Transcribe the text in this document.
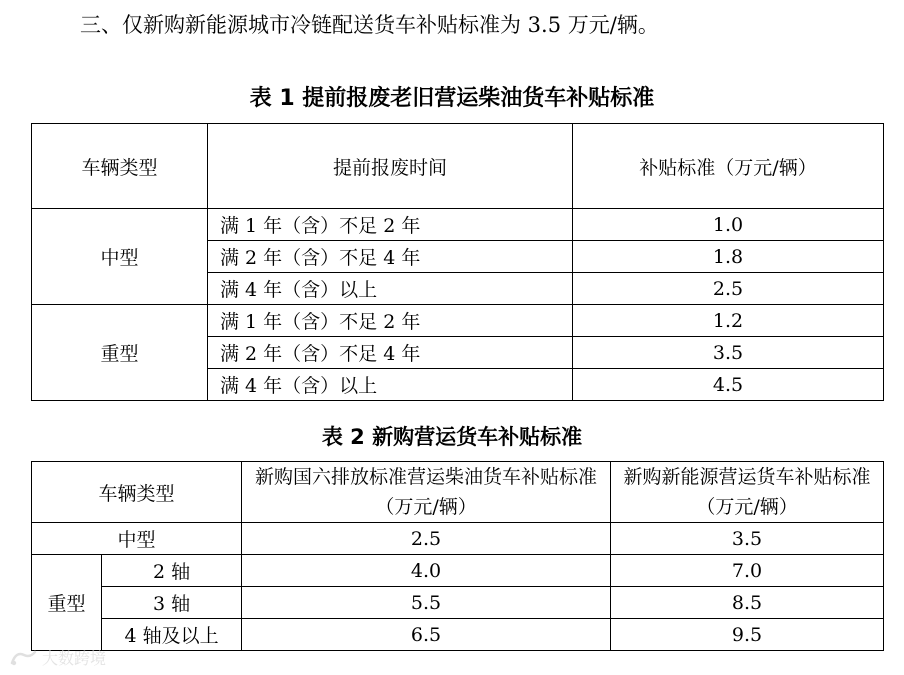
三、仅新购新能源城市冷链配送货车补贴标准为 3.5 万元/辆。
表 1 提前报废老旧营运柴油货车补贴标准
车辆类型	提前报废时间	补贴标准（万元/辆）
中型	满 1 年（含）不足 2 年	1.0
	满 2 年（含）不足 4 年	1.8
	满 4 年（含）以上	2.5
重型	满 1 年（含）不足 2 年	1.2
	满 2 年（含）不足 4 年	3.5
	满 4 年（含）以上	4.5
表 2 新购营运货车补贴标准
车辆类型		新购国六排放标准营运柴油货车补贴标准（万元/辆）	新购新能源营运货车补贴标准（万元/辆）
中型		2.5	3.5
重型	2 轴	4.0	7.0
	3 轴	5.5	8.5
	4 轴及以上	6.5	9.5
大数跨境
